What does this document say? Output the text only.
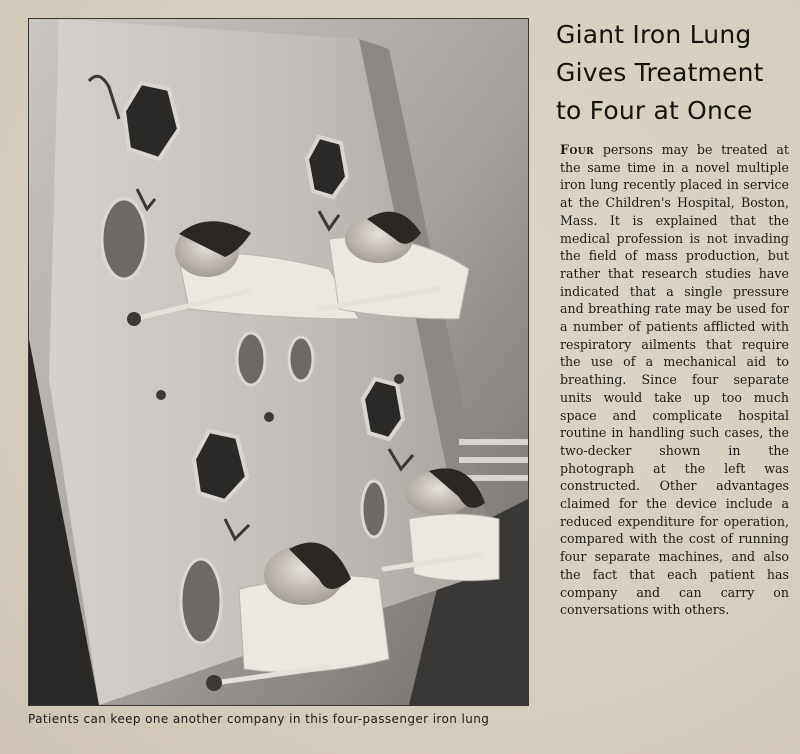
Patients can keep one another company in this four-passenger iron lung
Giant Iron Lung
Gives Treatment
to Four at Once
Four persons may be treated at the same time in a novel multiple iron lung recently placed in service at the Children's Hospital, Boston, Mass. It is explained that the medical profession is not invading the field of mass production, but rather that research studies have indicated that a single pressure and breathing rate may be used for a number of patients afflicted with respiratory ailments that require the use of a mechanical aid to breathing. Since four separate units would take up too much space and complicate hospital routine in handling such cases, the two-decker shown in the photograph at the left was constructed. Other advantages claimed for the device include a reduced expenditure for operation, compared with the cost of running four separate machines, and also the fact that each patient has company and can carry on conversations with others.
